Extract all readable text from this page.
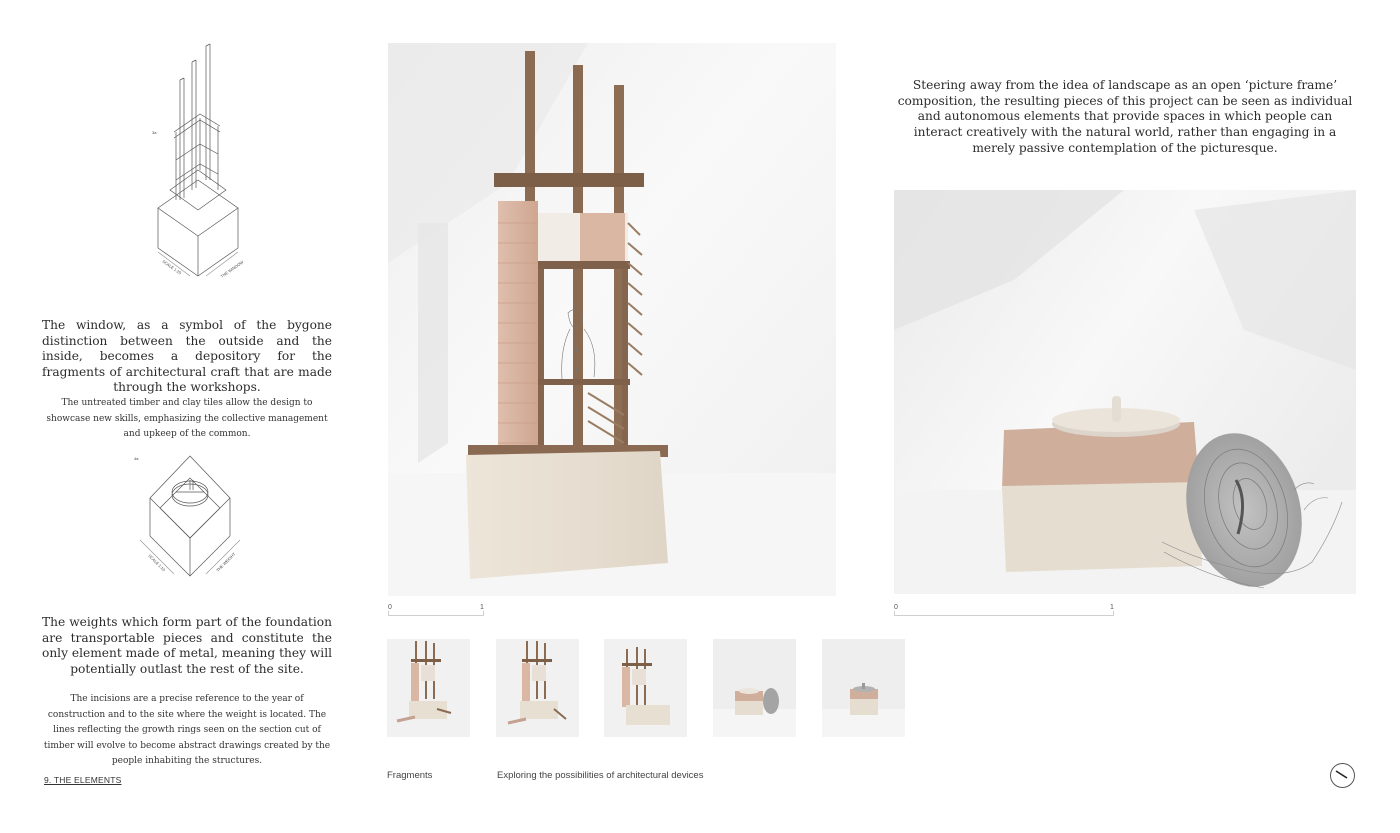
3a
SCALE 1:20	THE WINDOW
The window, as a symbol of the bygone distinction between the outside and the inside, becomes a depository for the fragments of architectural craft that are made through the workshops.
The untreated timber and clay tiles allow the design to showcase new skills, emphasizing the collective management and upkeep of the common.
4a
SCALE 1:10	THE WEIGHT
The weights which form part of the foundation are transportable pieces and constitute the only element made of metal, meaning they will potentially outlast the rest of the site.
The incisions are a precise reference to the year of construction and to the site where the weight is located. The lines reflecting the growth rings seen on the section cut of timber will evolve to become abstract drawings created by the people inhabiting the structures.
9. THE ELEMENTS
0	1
Steering away from the idea of landscape as an open ‘picture frame’ composition, the resulting pieces of this project can be seen as individual and autonomous elements that provide spaces in which people can interact creatively with the natural world, rather than engaging in a merely passive contemplation of the picturesque.
0	1
Fragments	Exploring the possibilities of architectural devices
